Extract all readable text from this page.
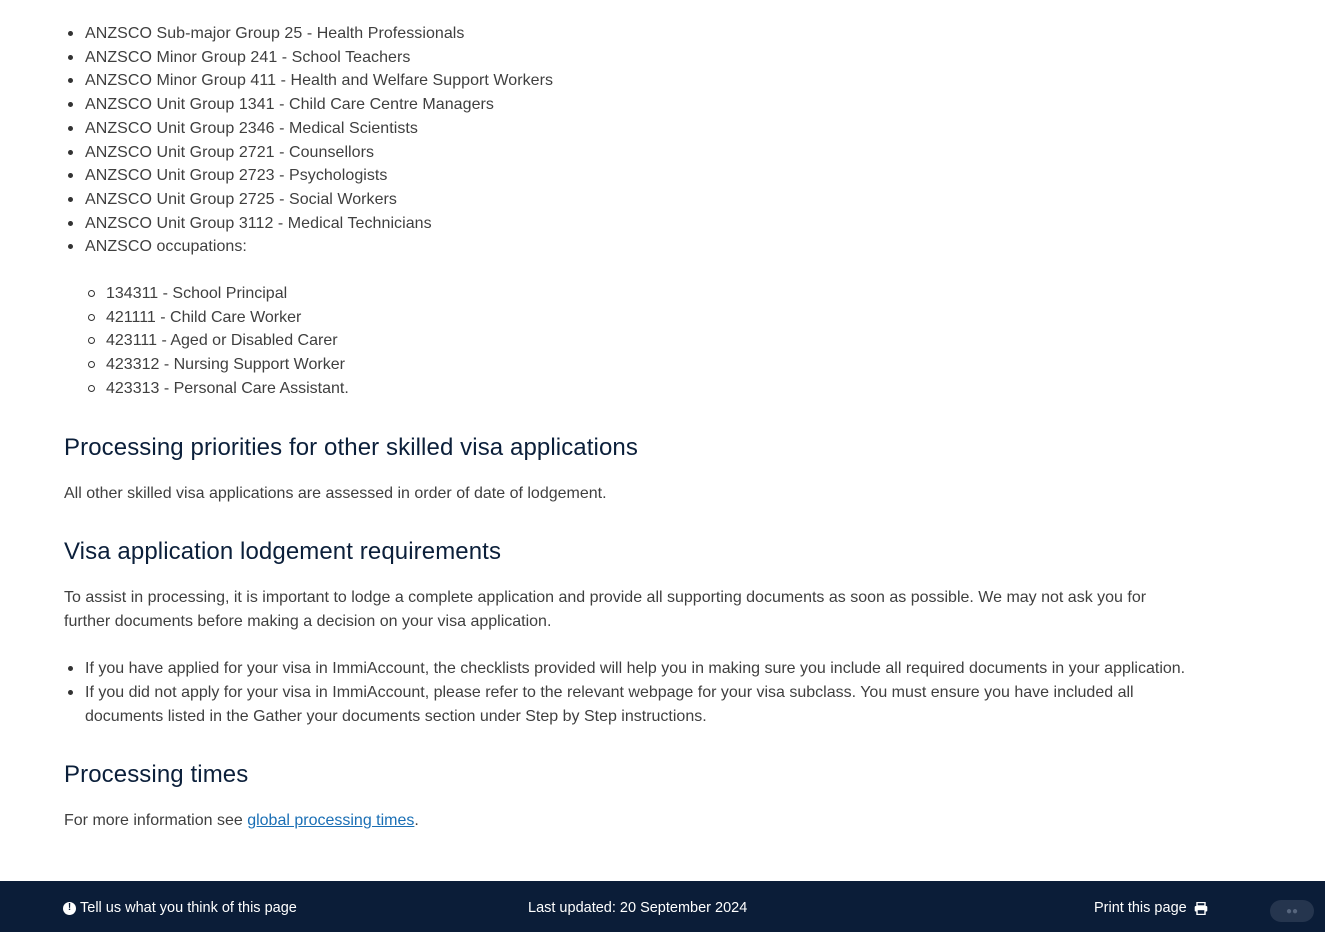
ANZSCO Sub-major Group 25 - Health Professionals
ANZSCO Minor Group 241 - School Teachers
ANZSCO Minor Group 411 - Health and Welfare Support Workers
ANZSCO Unit Group 1341 - Child Care Centre Managers
ANZSCO Unit Group 2346 - Medical Scientists
ANZSCO Unit Group 2721 - Counsellors
ANZSCO Unit Group 2723 - Psychologists
ANZSCO Unit Group 2725 - Social Workers
ANZSCO Unit Group 3112 - Medical Technicians
ANZSCO occupations:
134311 - School Principal
421111 - Child Care Worker
423111 - Aged or Disabled Carer
423312 - Nursing Support Worker
423313 - Personal Care Assistant.
Processing priorities for other skilled visa applications

All other skilled visa applications are assessed in order of date of lodgement.

Visa application lodgement requirements

To assist in processing, it is important to lodge a complete application and provide all supporting documents as soon as possible. We may not ask you for further documents before making a decision on your visa application.

If you have applied for your visa in ImmiAccount, the checklists provided will help you in making sure you include all required documents in your application.
If you did not apply for your visa in ImmiAccount, please refer to the relevant webpage for your visa subclass. You must ensure you have included all documents listed in the Gather your documents section under Step by Step instructions.
Processing times

For more information see global processing times.

! Tell us what you think of this page	Last updated: 20 September 2024	Print this page	●●
